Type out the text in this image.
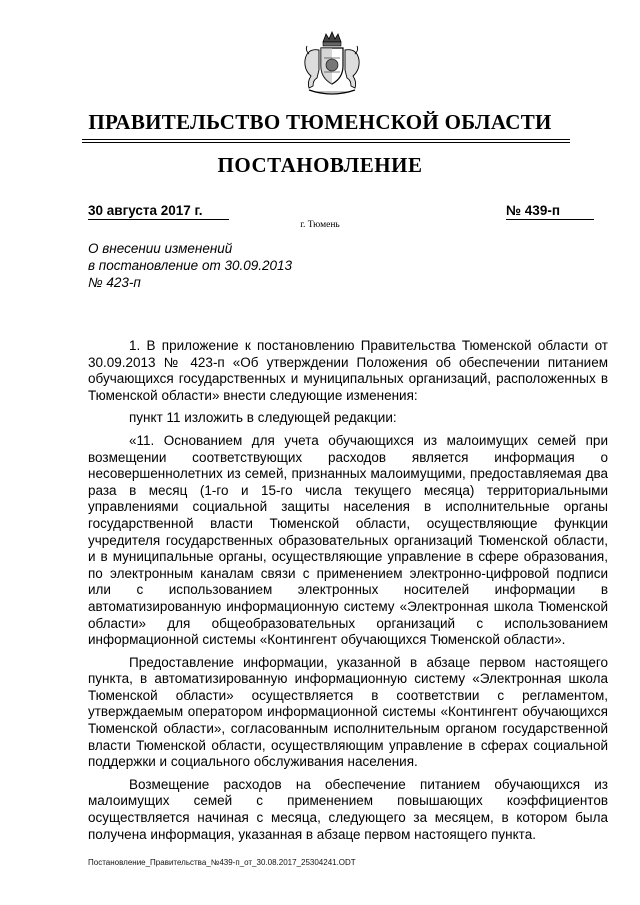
ПРАВИТЕЛЬСТВО ТЮМЕНСКОЙ ОБЛАСТИ
ПОСТАНОВЛЕНИЕ
30 августа 2017 г.	№ 439-п
г. Тюмень
О внесении изменений
в постановление от 30.09.2013
№ 423-п

1. В приложение к постановлению Правительства Тюменской области от 30.09.2013 № 423-п «Об утверждении Положения об обеспечении питанием обучающихся государственных и муниципальных организаций, расположенных в Тюменской области» внести следующие изменения:

пункт 11 изложить в следующей редакции:

«11. Основанием для учета обучающихся из малоимущих семей при возмещении соответствующих расходов является информация о несовершеннолетних из семей, признанных малоимущими, предоставляемая два раза в месяц (1-го и 15-го числа текущего месяца) территориальными управлениями социальной защиты населения в исполнительные органы государственной власти Тюменской области, осуществляющие функции учредителя государственных образовательных организаций Тюменской области, и в муниципальные органы, осуществляющие управление в сфере образования, по электронным каналам связи с применением электронно-цифровой подписи или с использованием электронных носителей информации в автоматизированную информационную систему «Электронная школа Тюменской области» для общеобразовательных организаций с использованием информационной системы «Контингент обучающихся Тюменской области».

Предоставление информации, указанной в абзаце первом настоящего пункта, в автоматизированную информационную систему «Электронная школа Тюменской области» осуществляется в соответствии с регламентом, утверждаемым оператором информационной системы «Контингент обучающихся Тюменской области», согласованным исполнительным органом государственной власти Тюменской области, осуществляющим управление в сферах социальной поддержки и социального обслуживания населения.

Возмещение расходов на обеспечение питанием обучающихся из малоимущих семей с применением повышающих коэффициентов осуществляется начиная с месяца, следующего за месяцем, в котором была получена информация, указанная в абзаце первом настоящего пункта.

Постановление_Правительства_№439-п_от_30.08.2017_25304241.ODT
